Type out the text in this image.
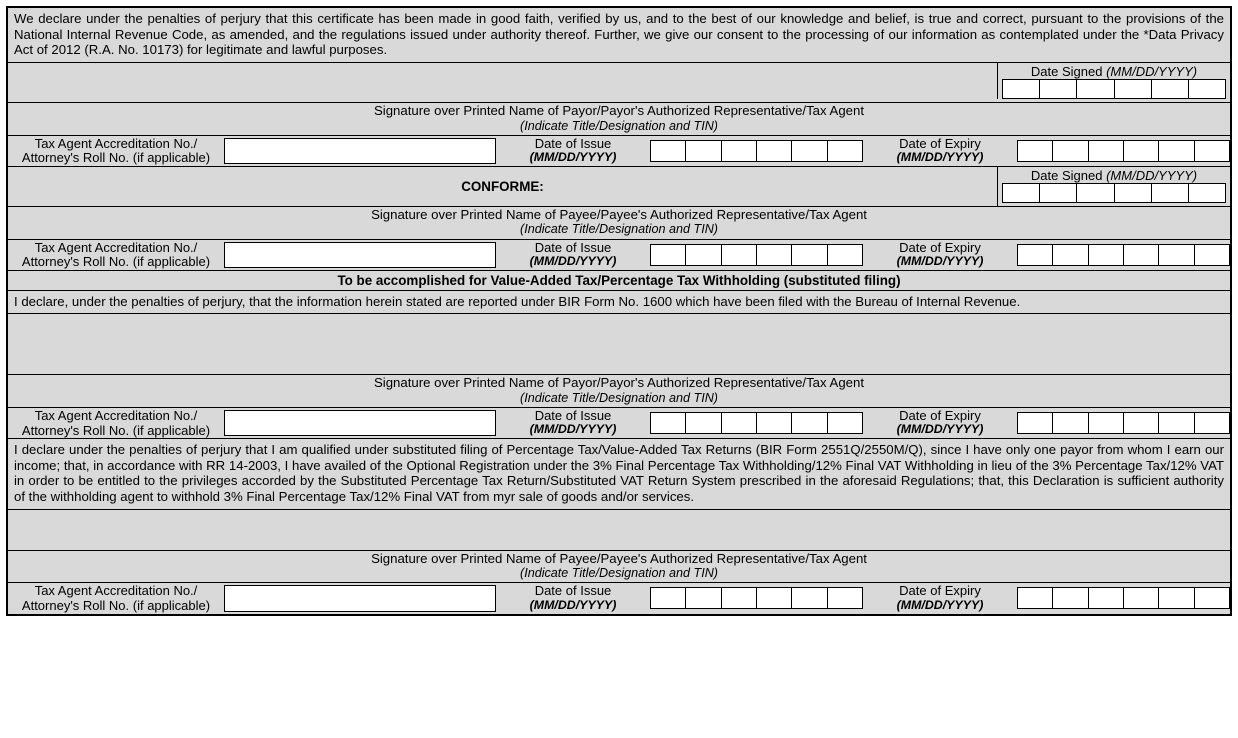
We declare under the penalties of perjury that this certificate has been made in good faith, verified by us, and to the best of our knowledge and belief, is true and correct, pursuant to the provisions of the National Internal Revenue Code, as amended, and the regulations issued under authority thereof. Further, we give our consent to the processing of our information as contemplated under the *Data Privacy Act of 2012 (R.A. No. 10173) for legitimate and lawful purposes.
Date Signed (MM/DD/YYYY)
Signature over Printed Name of Payor/Payor's Authorized Representative/Tax Agent
(Indicate Title/Designation and TIN)
Tax Agent Accreditation No./
Attorney's Roll No. (if applicable)
Date of Issue
(MM/DD/YYYY)
Date of Expiry
(MM/DD/YYYY)
CONFORME:
Date Signed (MM/DD/YYYY)
Signature over Printed Name of Payee/Payee's Authorized Representative/Tax Agent
(Indicate Title/Designation and TIN)
Tax Agent Accreditation No./
Attorney's Roll No. (if applicable)
Date of Issue
(MM/DD/YYYY)
Date of Expiry
(MM/DD/YYYY)
To be accomplished for Value-Added Tax/Percentage Tax Withholding (substituted filing)
I declare, under the penalties of perjury, that the information herein stated are reported under BIR Form No. 1600 which have been filed with the Bureau of Internal Revenue.
Signature over Printed Name of Payor/Payor's Authorized Representative/Tax Agent
(Indicate Title/Designation and TIN)
Tax Agent Accreditation No./
Attorney's Roll No. (if applicable)
Date of Issue
(MM/DD/YYYY)
Date of Expiry
(MM/DD/YYYY)
I declare under the penalties of perjury that I am qualified under substituted filing of Percentage Tax/Value-Added Tax Returns (BIR Form 2551Q/2550M/Q), since I have only one payor from whom I earn our income; that, in accordance with RR 14-2003, I have availed of the Optional Registration under the 3% Final Percentage Tax Withholding/12% Final VAT Withholding in lieu of the 3% Percentage Tax/12% VAT in order to be entitled to the privileges accorded by the Substituted Percentage Tax Return/Substituted VAT Return System prescribed in the aforesaid Regulations; that, this Declaration is sufficient authority of the withholding agent to withhold 3% Final Percentage Tax/12% Final VAT from myr sale of goods and/or services.
Signature over Printed Name of Payee/Payee's Authorized Representative/Tax Agent
(Indicate Title/Designation and TIN)
Tax Agent Accreditation No./
Attorney's Roll No. (if applicable)
Date of Issue
(MM/DD/YYYY)
Date of Expiry
(MM/DD/YYYY)
